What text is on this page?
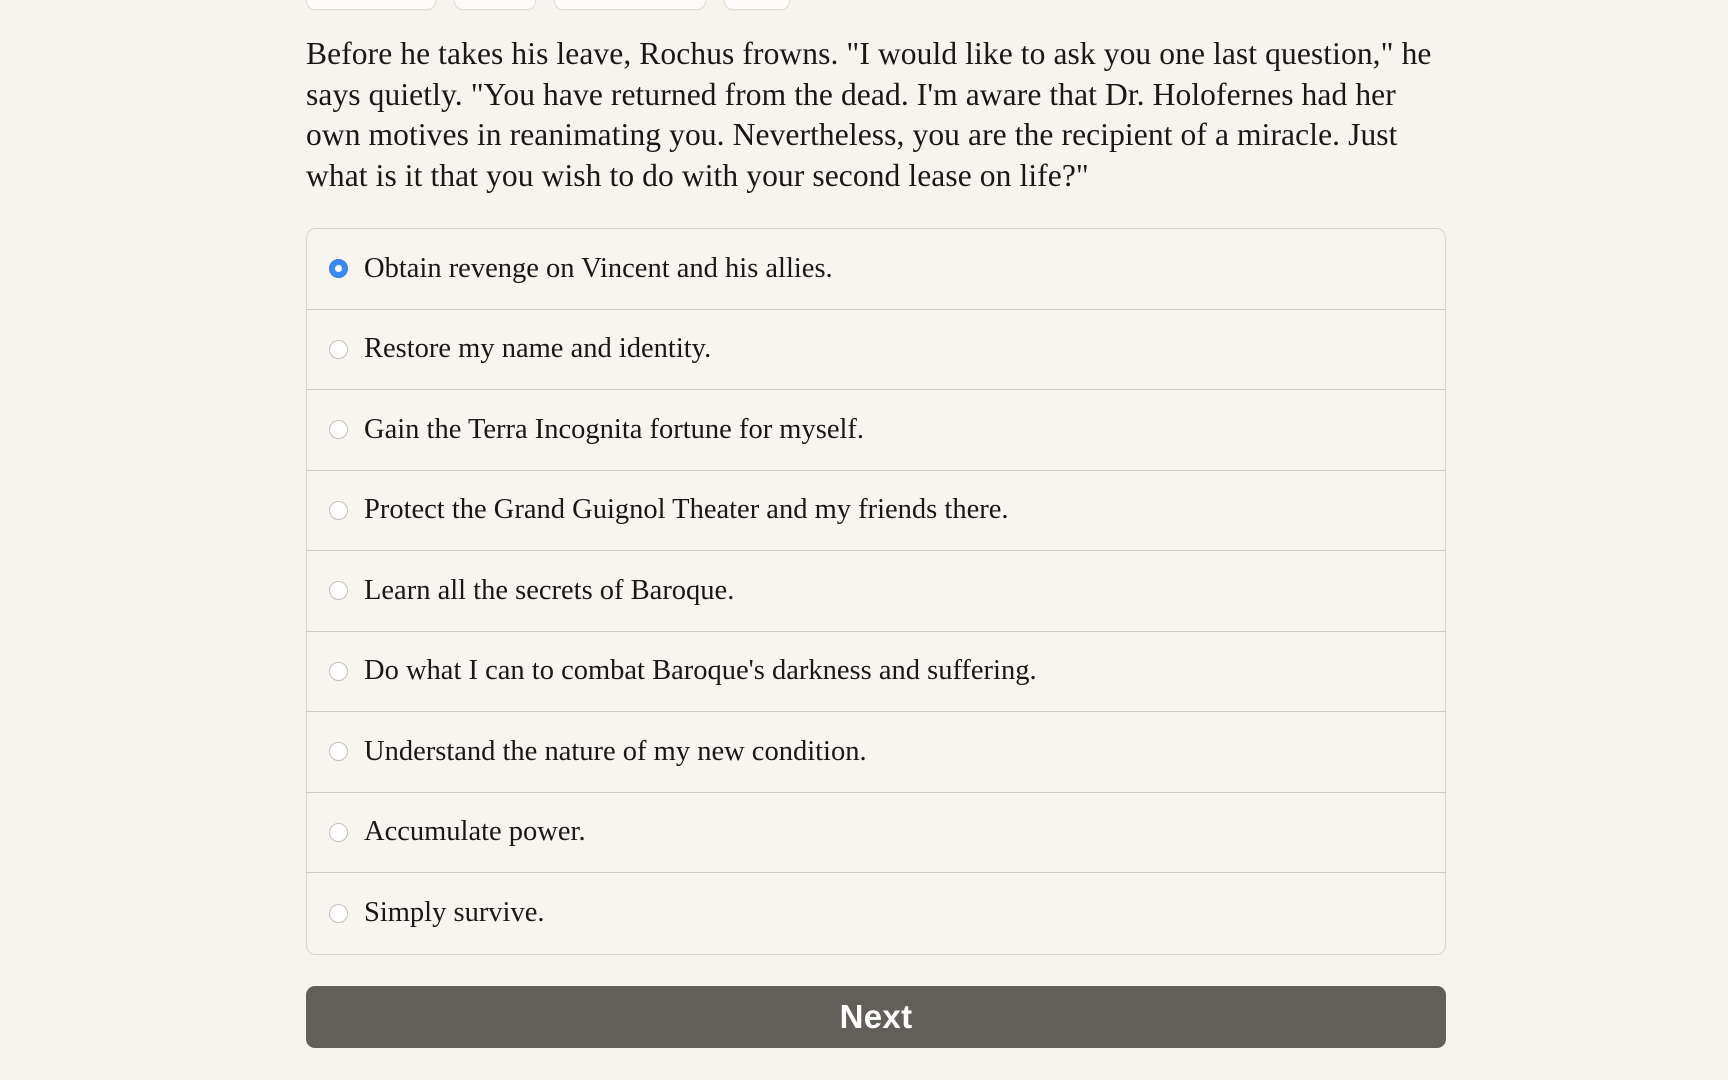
Before he takes his leave, Rochus frowns. "I would like to ask you one last question," he says quietly. "You have returned from the dead. I'm aware that Dr. Holofernes had her own motives in reanimating you. Nevertheless, you are the recipient of a miracle. Just what is it that you wish to do with your second lease on life?"

Obtain revenge on Vincent and his allies.
Restore my name and identity.
Gain the Terra Incognita fortune for myself.
Protect the Grand Guignol Theater and my friends there.
Learn all the secrets of Baroque.
Do what I can to combat Baroque's darkness and suffering.
Understand the nature of my new condition.
Accumulate power.
Simply survive.
Next
